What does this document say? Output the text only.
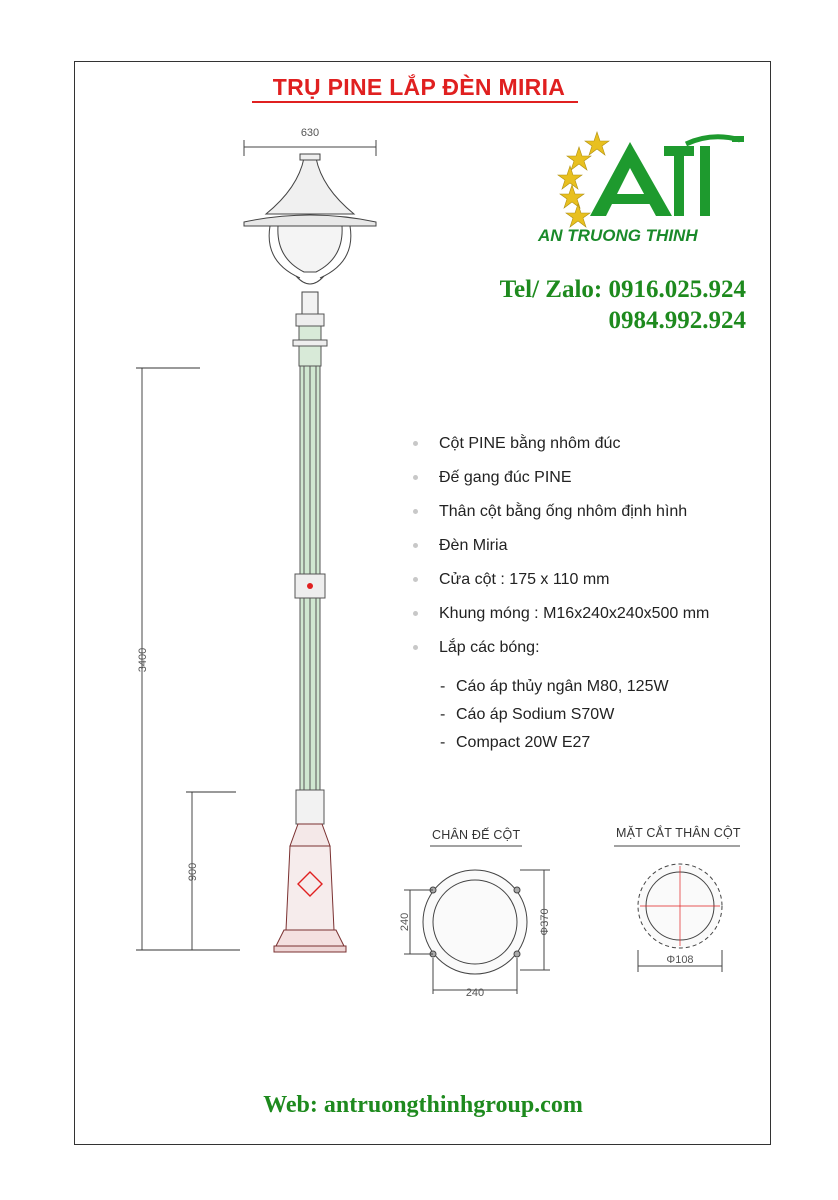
TRỤ PINE LẮP ĐÈN MIRIA
630
3400
900
240
240
Φ370
Φ108
AN TRUONG THINH
Tel/ Zalo: 0916.025.924
0984.992.924
Cột PINE bằng nhôm đúc
Đế gang đúc PINE
Thân cột bằng ống nhôm định hình
Đèn Miria
Cửa cột : 175 x 110 mm
Khung móng : M16x240x240x500 mm
Lắp các bóng:
- Cáo áp thủy ngân M80, 125W
- Cáo áp Sodium S70W
- Compact 20W E27
CHÂN ĐẾ CỘT	MẶT CẮT THÂN CỘT
Web: antruongthinhgroup.com
